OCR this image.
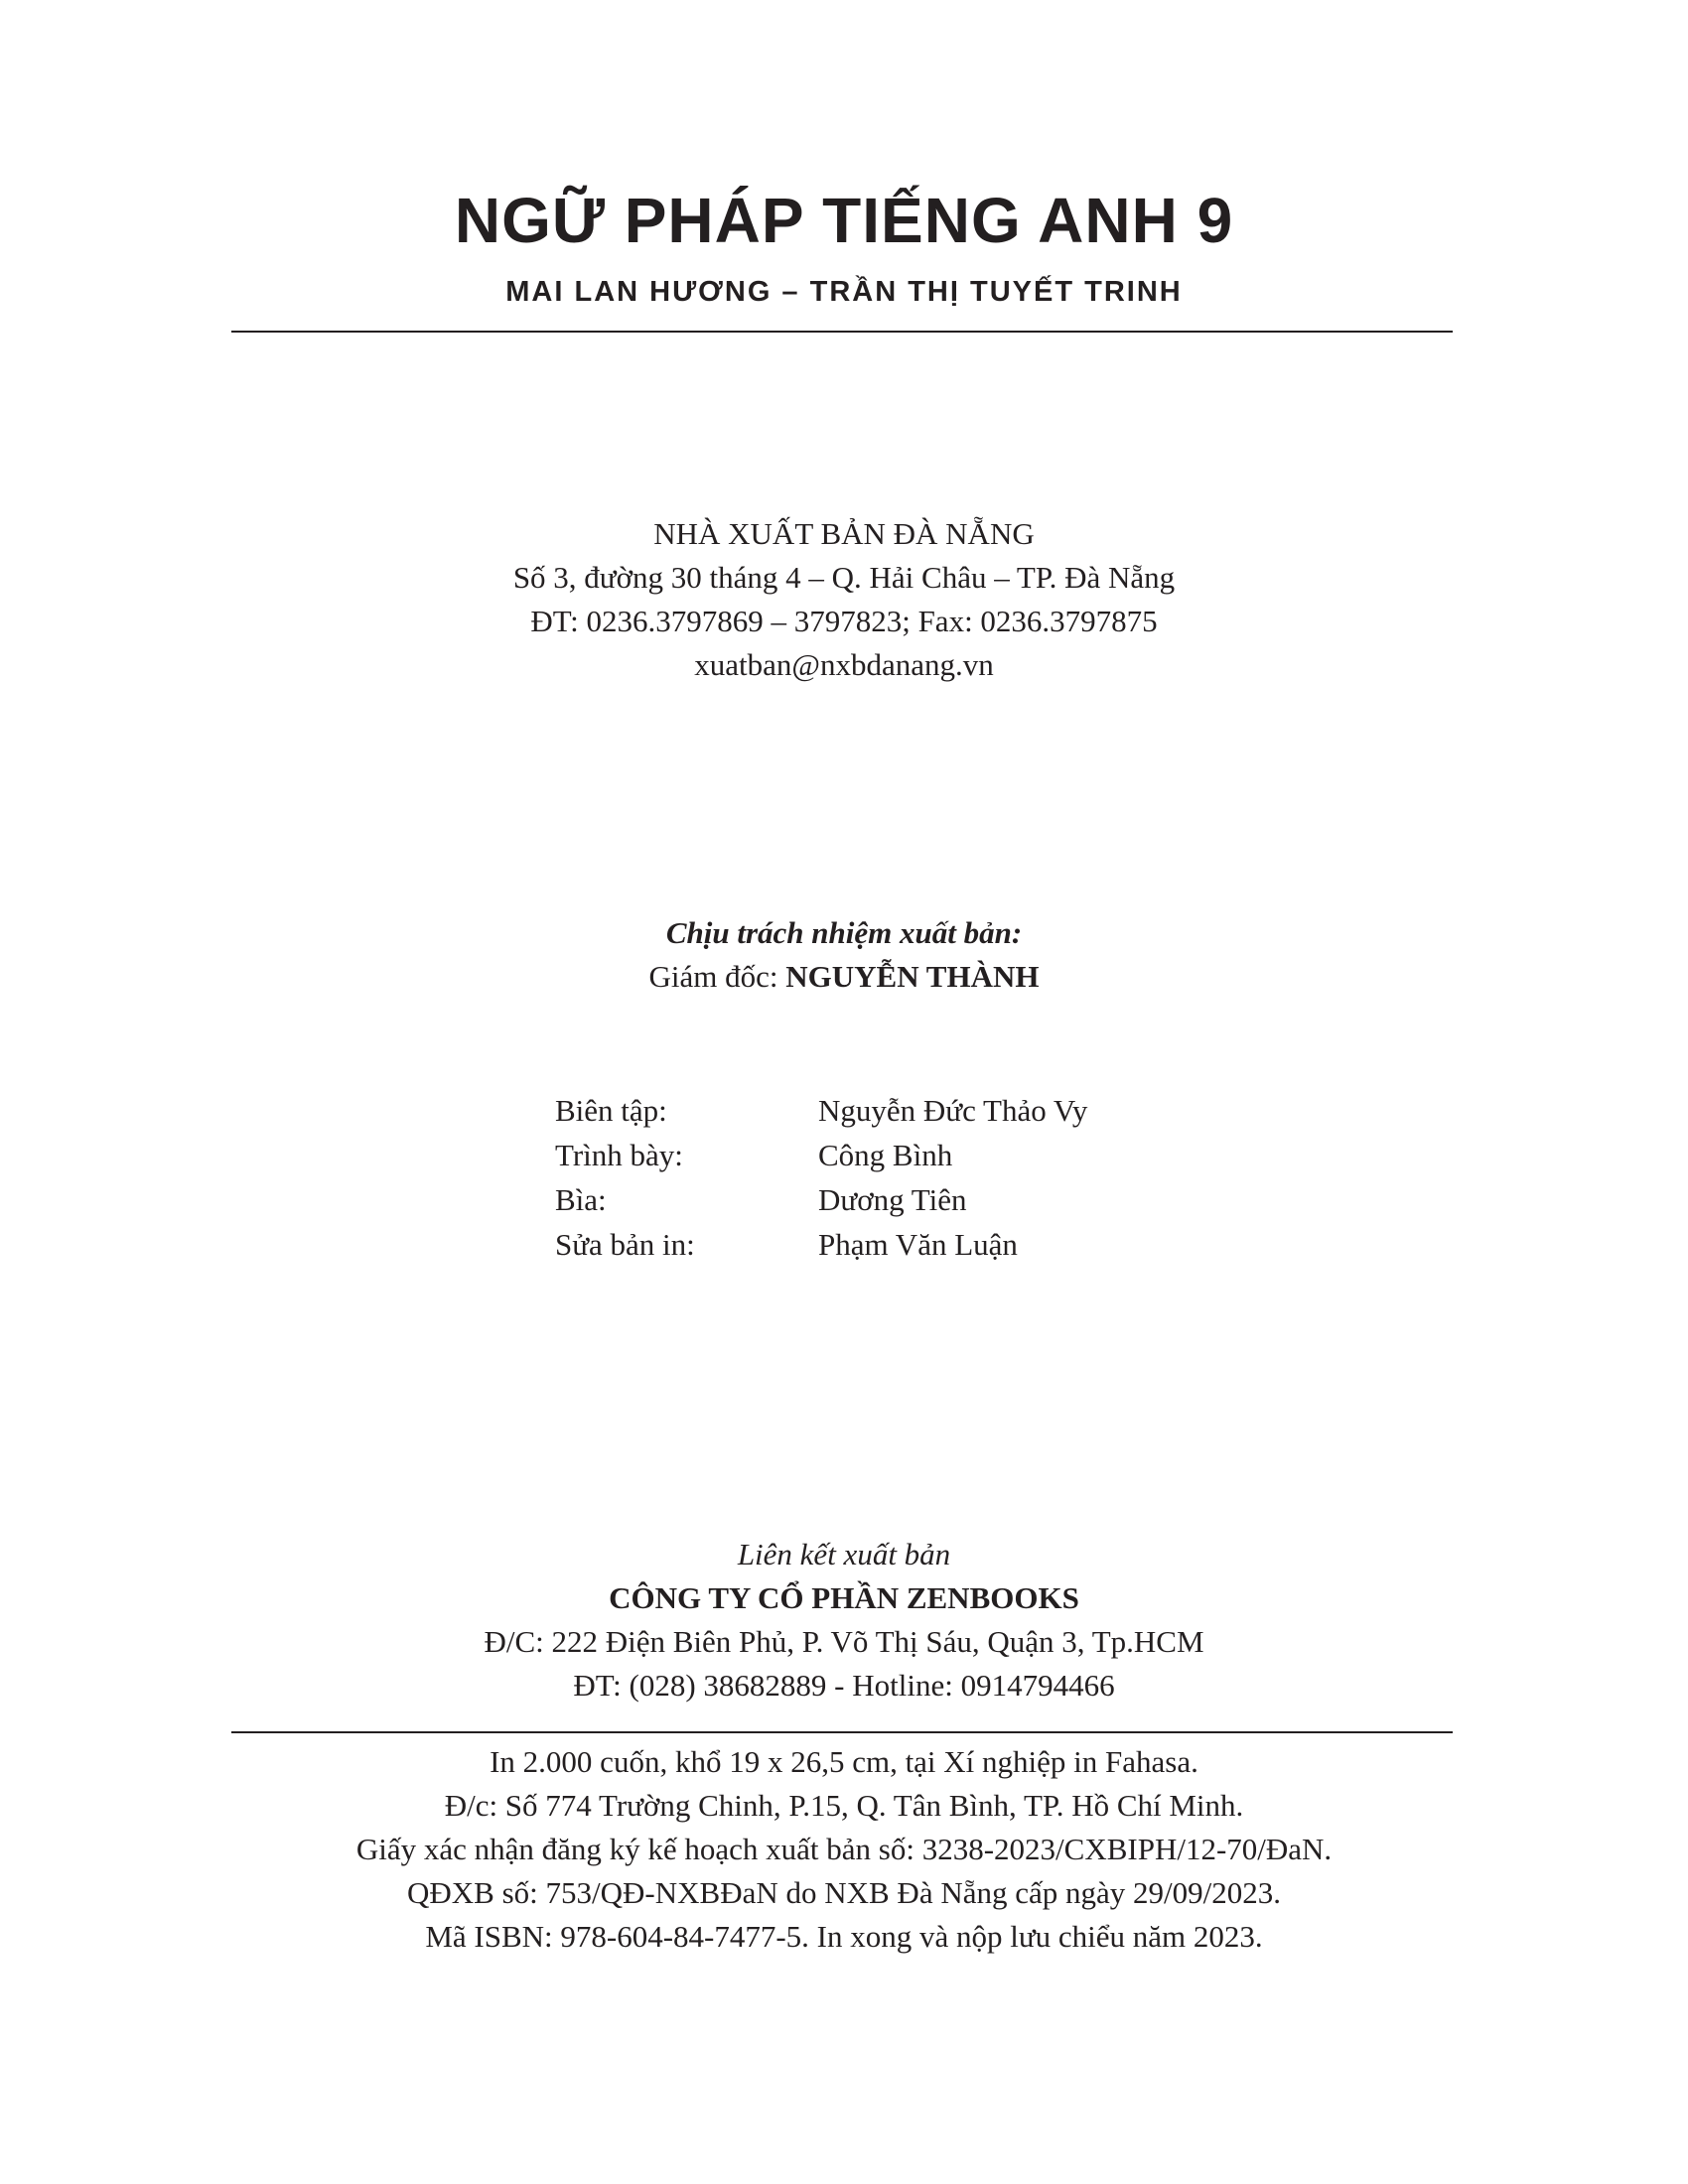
NGỮ PHÁP TIẾNG ANH 9
MAI LAN HƯƠNG – TRẦN THỊ TUYẾT TRINH
NHÀ XUẤT BẢN ĐÀ NẴNG
Số 3, đường 30 tháng 4 – Q. Hải Châu – TP. Đà Nẵng
ĐT: 0236.3797869 – 3797823; Fax: 0236.3797875
xuatban@nxbdanang.vn
Chịu trách nhiệm xuất bản:
Giám đốc: NGUYỄN THÀNH
Biên tập:	Nguyễn Đức Thảo Vy
Trình bày:	Công Bình
Bìa:	Dương Tiên
Sửa bản in:	Phạm Văn Luận
Liên kết xuất bản
CÔNG TY CỔ PHẦN ZENBOOKS
Đ/C: 222 Điện Biên Phủ, P. Võ Thị Sáu, Quận 3, Tp.HCM
ĐT: (028) 38682889 - Hotline: 0914794466
In 2.000 cuốn, khổ 19 x 26,5 cm, tại Xí nghiệp in Fahasa.
Đ/c: Số 774 Trường Chinh, P.15, Q. Tân Bình, TP. Hồ Chí Minh.
Giấy xác nhận đăng ký kế hoạch xuất bản số: 3238-2023/CXBIPH/12-70/ĐaN.
QĐXB số: 753/QĐ-NXBĐaN do NXB Đà Nẵng cấp ngày 29/09/2023.
Mã ISBN: 978-604-84-7477-5. In xong và nộp lưu chiểu năm 2023.
